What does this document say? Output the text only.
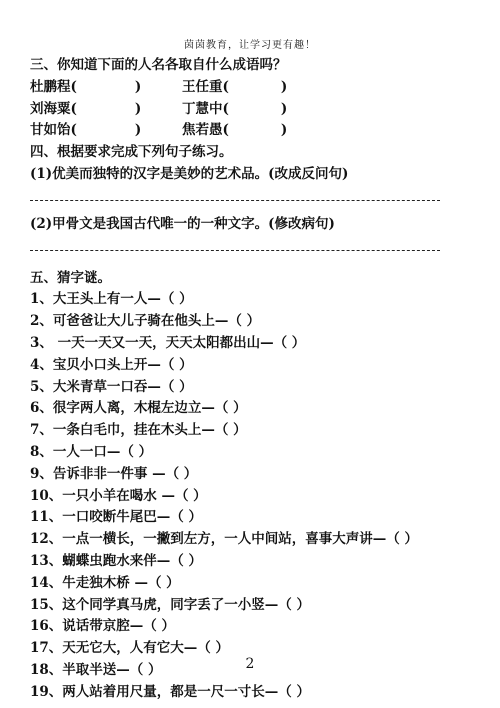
茵茵教育，让学习更有趣！
三、你知道下面的人名各取自什么成语吗？
杜鹏程(	)	王任重(	)
刘海粟(	)	丁慧中(	)
甘如饴(	)	焦若愚(	)
四、根据要求完成下列句子练习。
(1)优美而独特的汉字是美妙的艺术品。(改成反问句)
(2)甲骨文是我国古代唯一的一种文字。(修改病句)
五、猜字谜。
1、大王头上有一人—（ ）
2、可爸爸让大儿子骑在他头上—（ ）
3、 一天一天又一天，天天太阳都出山—（ ）
4、宝贝小口头上开—（ ）
5、大米青草一口吞—（ ）
6、很字两人离，木棍左边立—（ ）
7、一条白毛巾，挂在木头上—（ ）
8、一人一口—（ ）
9、告诉非非一件事 —（ ）
10、一只小羊在喝水 —（ ）
11、一口咬断牛尾巴—（ ）
12、一点一横长，一撇到左方，一人中间站，喜事大声讲—（ ）
13、蝴蝶虫跑水来伴—（ ）
14、牛走独木桥 —（ ）
15、这个同学真马虎，同字丢了一小竖—（ ）
16、说话带京腔—（ ）
17、天无它大，人有它大—（ ）
18、半取半送—（ ）
19、两人站着用尺量，都是一尺一寸长—（ ）
2
